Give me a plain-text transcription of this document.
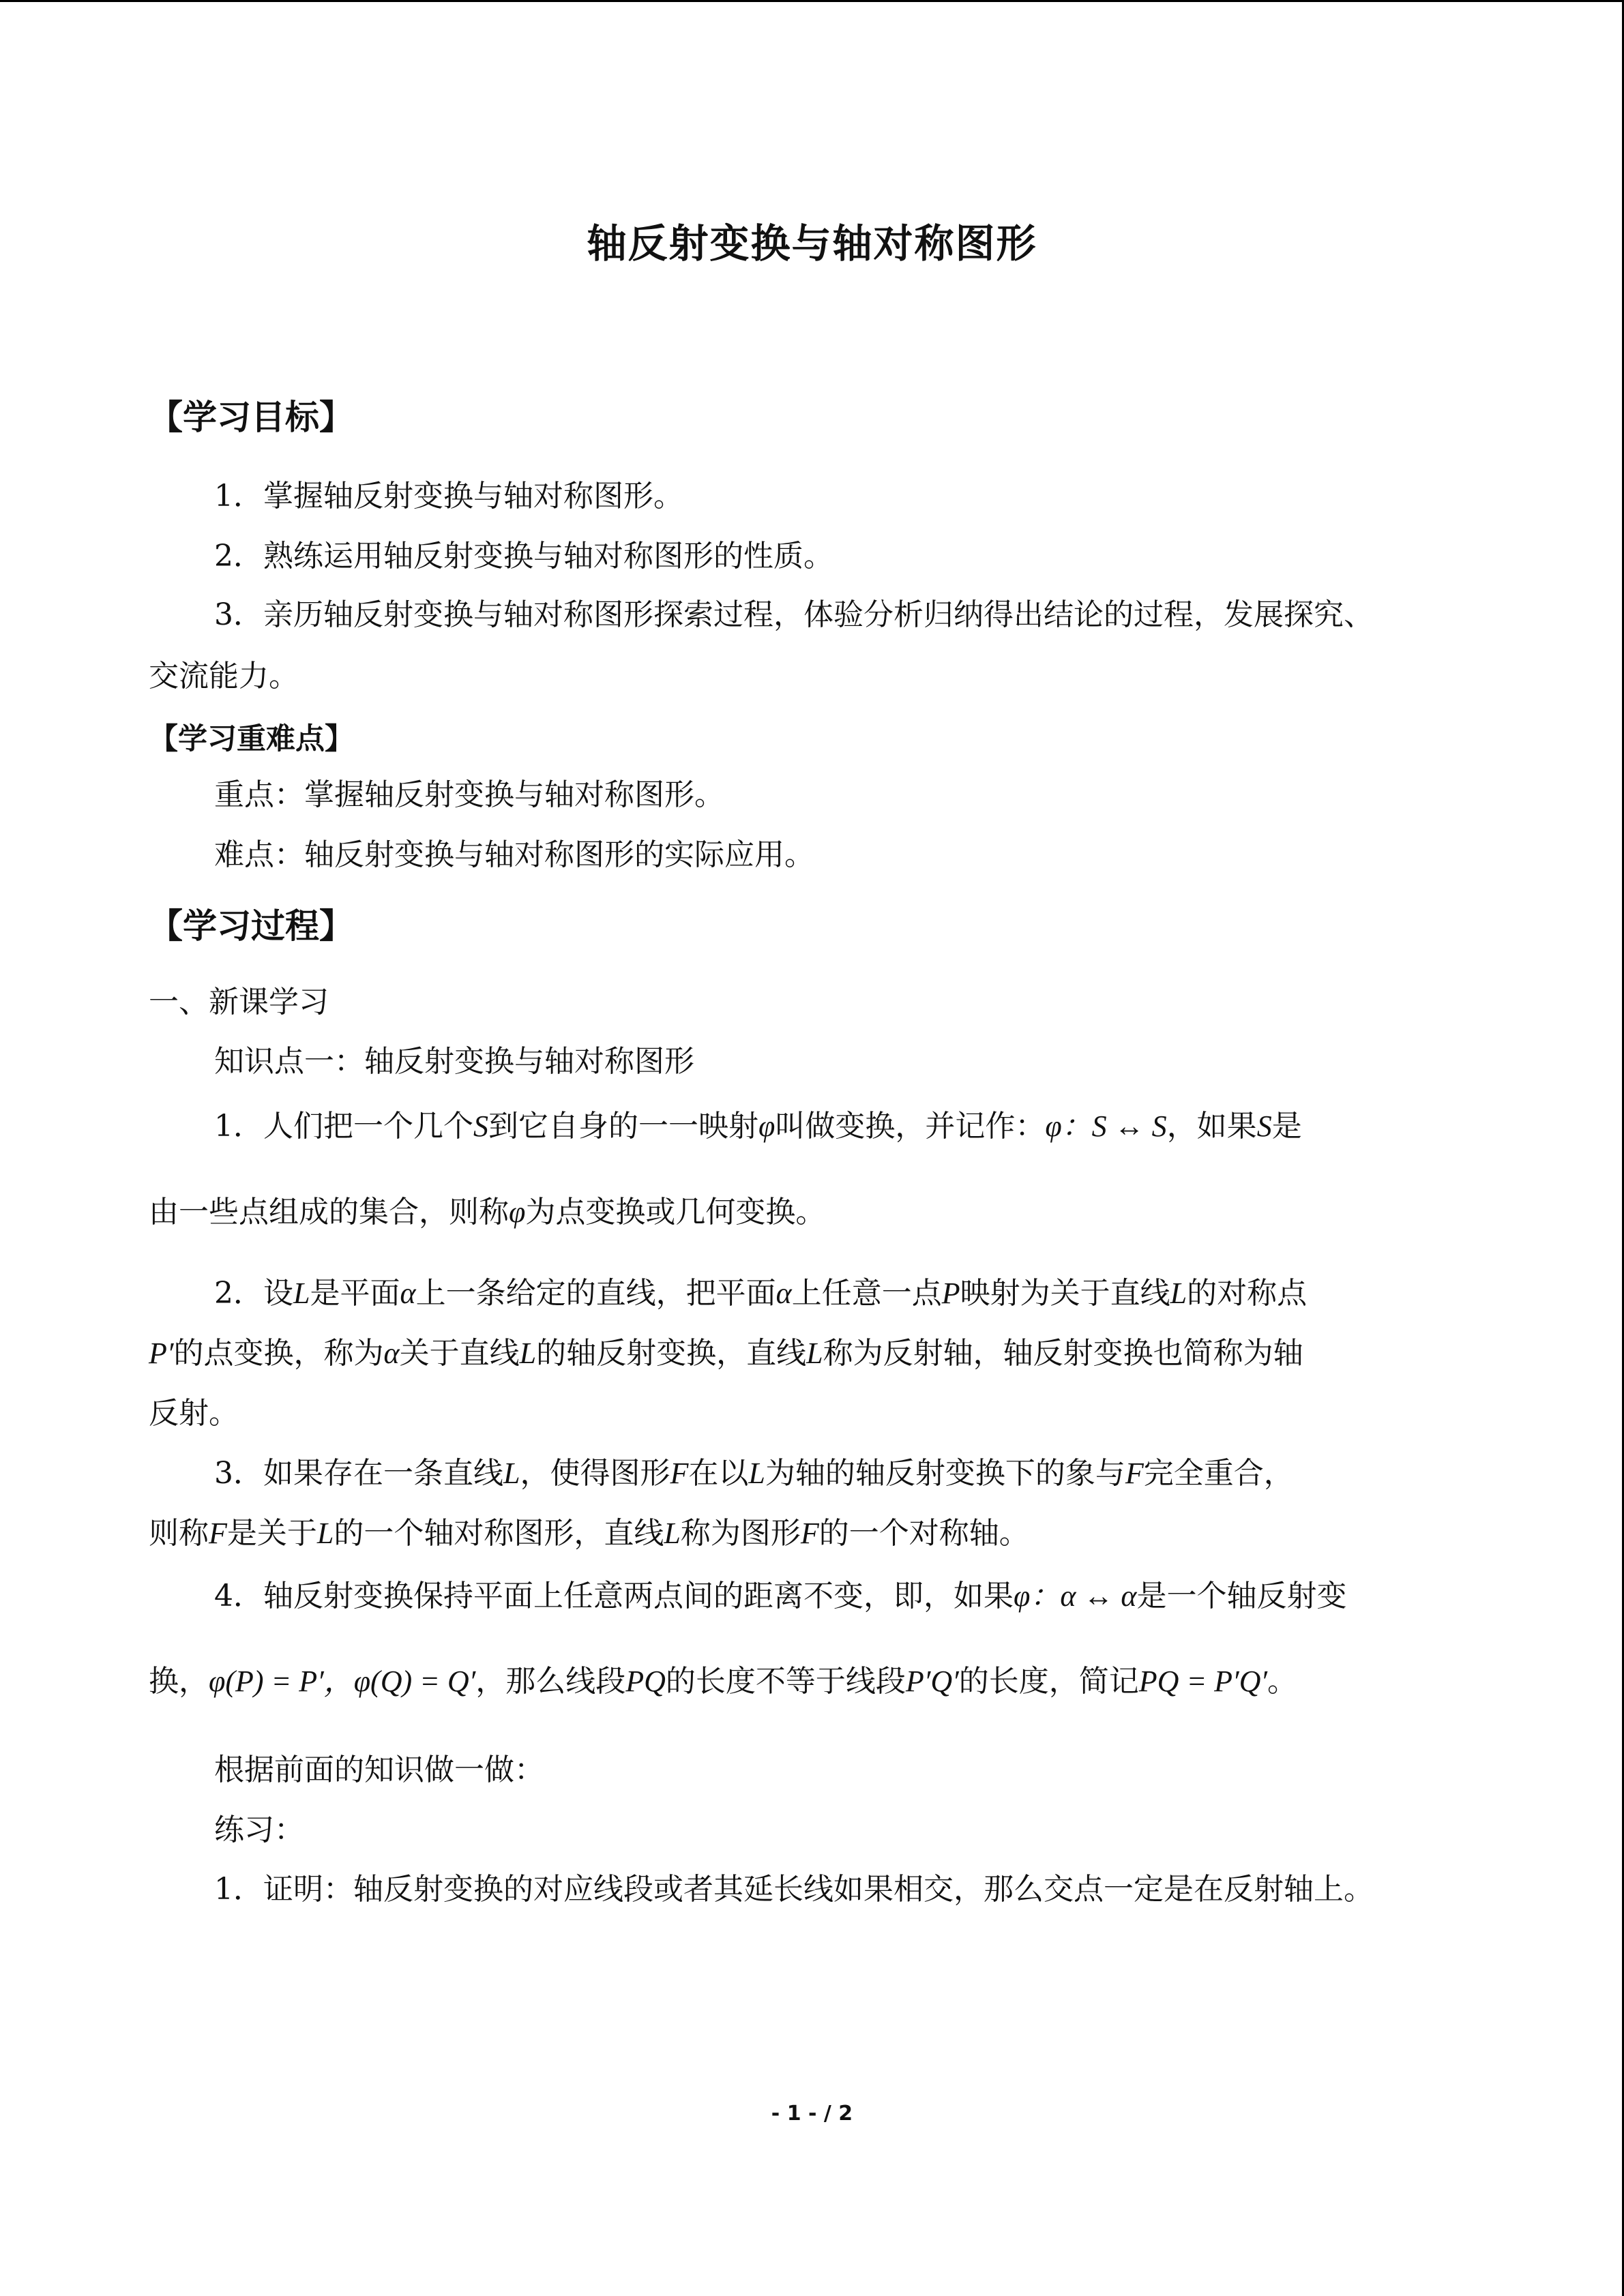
轴反射变换与轴对称图形
【学习目标】
1．掌握轴反射变换与轴对称图形。
2．熟练运用轴反射变换与轴对称图形的性质。
3．亲历轴反射变换与轴对称图形探索过程，体验分析归纳得出结论的过程，发展探究、
交流能力。
【学习重难点】
重点：掌握轴反射变换与轴对称图形。
难点：轴反射变换与轴对称图形的实际应用。
【学习过程】
一、新课学习
知识点一：轴反射变换与轴对称图形
1．人们把一个几个S到它自身的一一映射φ叫做变换，并记作：φ：S ↔ S，如果S是
由一些点组成的集合，则称φ为点变换或几何变换。
2．设L是平面α上一条给定的直线，把平面α上任意一点P映射为关于直线L的对称点
P′的点变换，称为α关于直线L的轴反射变换，直线L称为反射轴，轴反射变换也简称为轴
反射。
3．如果存在一条直线L，使得图形F在以L为轴的轴反射变换下的象与F完全重合，
则称F是关于L的一个轴对称图形，直线L称为图形F的一个对称轴。
4．轴反射变换保持平面上任意两点间的距离不变，即，如果φ：α ↔ α是一个轴反射变
换，φ(P) = P′，φ(Q) = Q′，那么线段PQ的长度不等于线段P′Q′的长度，简记PQ = P′Q′。
根据前面的知识做一做：
练习：
1．证明：轴反射变换的对应线段或者其延长线如果相交，那么交点一定是在反射轴上。
- 1 - / 2
